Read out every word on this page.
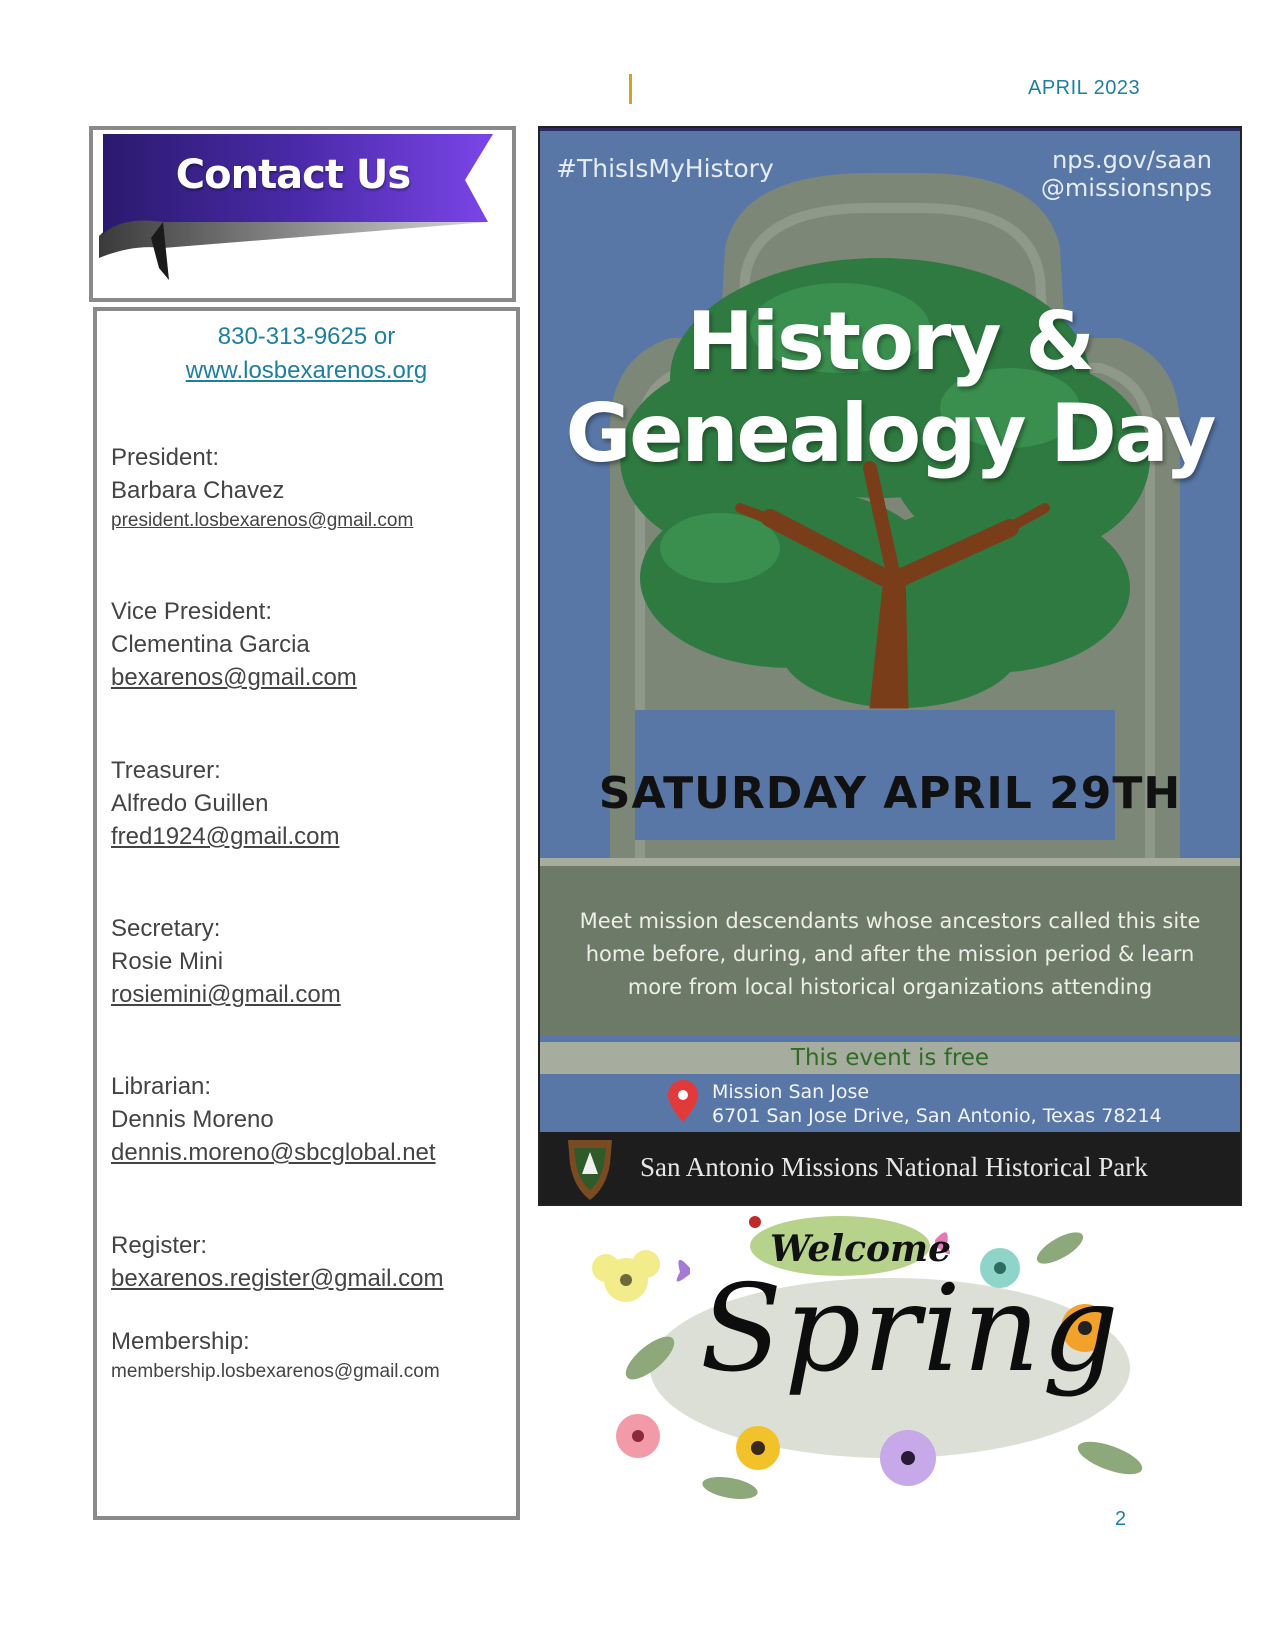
APRIL 2023
Contact Us
830-313-9625 or
www.losbexarenos.org
President:
Barbara Chavez
president.losbexarenos@gmail.com
Vice President:
Clementina Garcia
bexarenos@gmail.com
Treasurer:
Alfredo Guillen
fred1924@gmail.com
Secretary:
Rosie Mini
rosiemini@gmail.com
Librarian:
Dennis Moreno
dennis.moreno@sbcglobal.net
Register:
bexarenos.register@gmail.com
Membership:
membership.losbexarenos@gmail.com
#ThisIsMyHistory	nps.gov/saan
@missionsnps
History &
Genealogy Day
SATURDAY APRIL 29TH
Meet mission descendants whose ancestors called this site home before, during, and after the mission period & learn more from local historical organizations attending
This event is free
Mission San Jose
6701 San Jose Drive, San Antonio, Texas 78214
San Antonio Missions National Historical Park
Welcome
Spring
2
